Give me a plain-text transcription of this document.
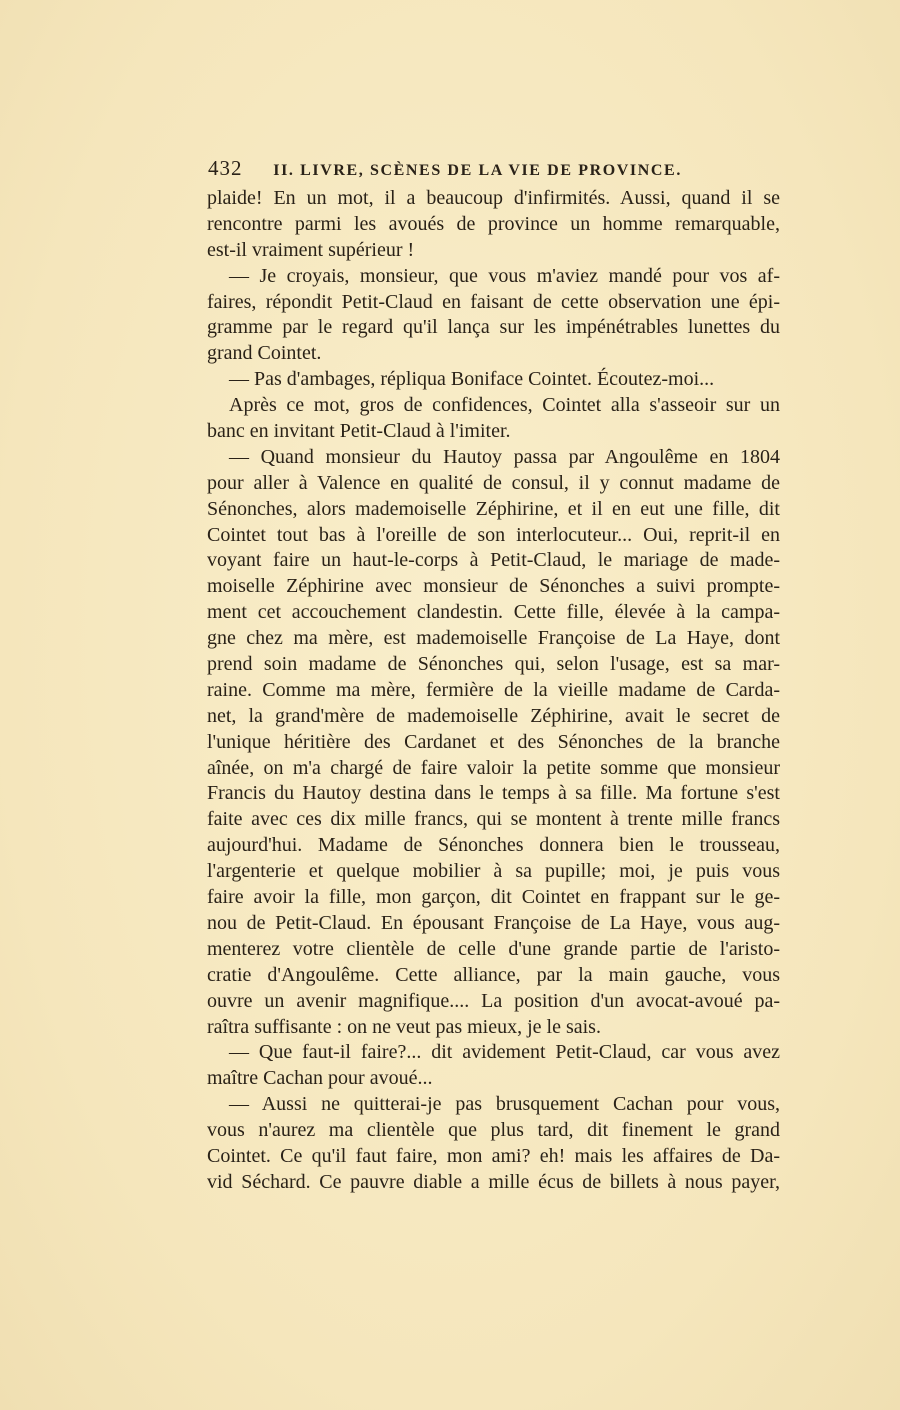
432 II. LIVRE, SCÈNES DE LA VIE DE PROVINCE.
plaide! En un mot, il a beaucoup d'infirmités. Aussi, quand il se
rencontre parmi les avoués de province un homme remarquable,
est-il vraiment supérieur !
— Je croyais, monsieur, que vous m'aviez mandé pour vos af-
faires, répondit Petit-Claud en faisant de cette observation une épi-
gramme par le regard qu'il lança sur les impénétrables lunettes du
grand Cointet.
— Pas d'ambages, répliqua Boniface Cointet. Écoutez-moi...
Après ce mot, gros de confidences, Cointet alla s'asseoir sur un
banc en invitant Petit-Claud à l'imiter.
— Quand monsieur du Hautoy passa par Angoulême en 1804
pour aller à Valence en qualité de consul, il y connut madame de
Sénonches, alors mademoiselle Zéphirine, et il en eut une fille, dit
Cointet tout bas à l'oreille de son interlocuteur... Oui, reprit-il en
voyant faire un haut-le-corps à Petit-Claud, le mariage de made-
moiselle Zéphirine avec monsieur de Sénonches a suivi prompte-
ment cet accouchement clandestin. Cette fille, élevée à la campa-
gne chez ma mère, est mademoiselle Françoise de La Haye, dont
prend soin madame de Sénonches qui, selon l'usage, est sa mar-
raine. Comme ma mère, fermière de la vieille madame de Carda-
net, la grand'mère de mademoiselle Zéphirine, avait le secret de
l'unique héritière des Cardanet et des Sénonches de la branche
aînée, on m'a chargé de faire valoir la petite somme que monsieur
Francis du Hautoy destina dans le temps à sa fille. Ma fortune s'est
faite avec ces dix mille francs, qui se montent à trente mille francs
aujourd'hui. Madame de Sénonches donnera bien le trousseau,
l'argenterie et quelque mobilier à sa pupille; moi, je puis vous
faire avoir la fille, mon garçon, dit Cointet en frappant sur le ge-
nou de Petit-Claud. En épousant Françoise de La Haye, vous aug-
menterez votre clientèle de celle d'une grande partie de l'aristo-
cratie d'Angoulême. Cette alliance, par la main gauche, vous
ouvre un avenir magnifique.... La position d'un avocat-avoué pa-
raîtra suffisante : on ne veut pas mieux, je le sais.
— Que faut-il faire?... dit avidement Petit-Claud, car vous avez
maître Cachan pour avoué...
— Aussi ne quitterai-je pas brusquement Cachan pour vous,
vous n'aurez ma clientèle que plus tard, dit finement le grand
Cointet. Ce qu'il faut faire, mon ami? eh! mais les affaires de Da-
vid Séchard. Ce pauvre diable a mille écus de billets à nous payer,
